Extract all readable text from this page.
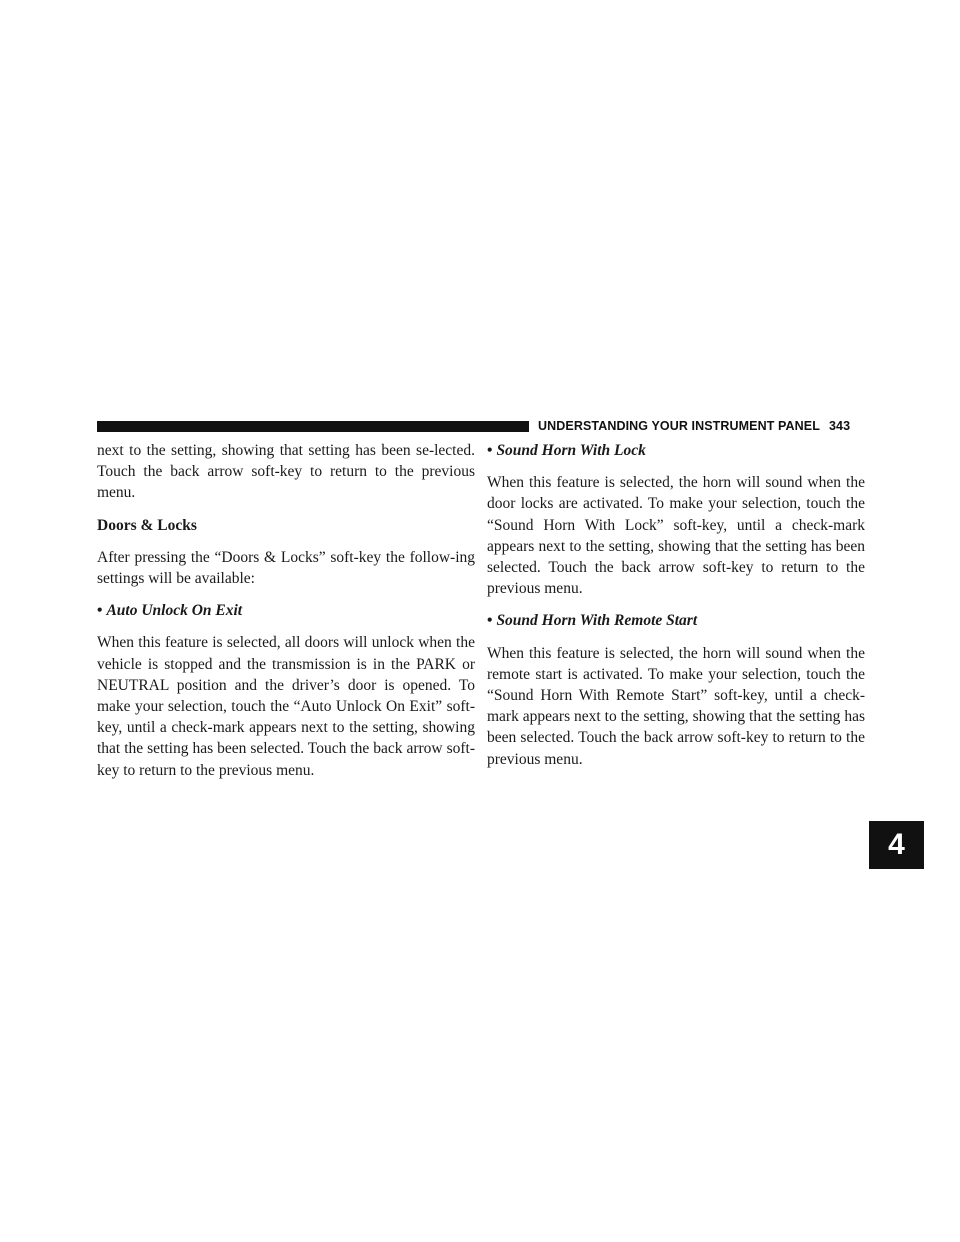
UNDERSTANDING YOUR INSTRUMENT PANEL 343
4

next to the setting, showing that setting has been se-lected. Touch the back arrow soft-key to return to the previous menu.

Doors & Locks

After pressing the “Doors & Locks” soft-key the follow-ing settings will be available:

• Auto Unlock On Exit

When this feature is selected, all doors will unlock when the vehicle is stopped and the transmission is in the PARK or NEUTRAL position and the driver’s door is opened. To make your selection, touch the “Auto Unlock On Exit” soft-key, until a check-mark appears next to the setting, showing that the setting has been selected. Touch the back arrow soft-key to return to the previous menu.

• Sound Horn With Lock

When this feature is selected, the horn will sound when the door locks are activated. To make your selection, touch the “Sound Horn With Lock” soft-key, until a check-mark appears next to the setting, showing that the setting has been selected. Touch the back arrow soft-key to return to the previous menu.

• Sound Horn With Remote Start

When this feature is selected, the horn will sound when the remote start is activated. To make your selection, touch the “Sound Horn With Remote Start” soft-key, until a check-mark appears next to the setting, showing that the setting has been selected. Touch the back arrow soft-key to return to the previous menu.
